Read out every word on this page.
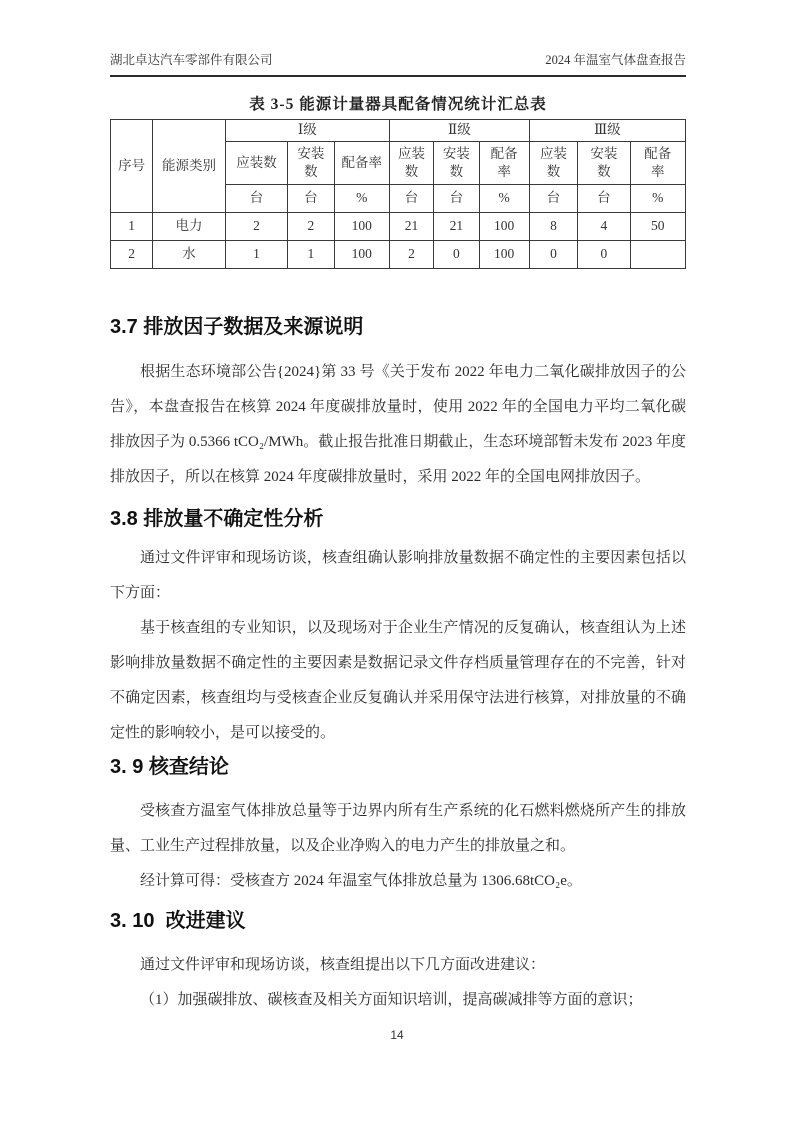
湖北卓达汽车零部件有限公司	2024 年温室气体盘查报告
表 3-5 能源计量器具配备情况统计汇总表
序号	能源类别	Ⅰ级			Ⅱ级			Ⅲ级		
		应装数	安装数	配备率	应装数	安装数	配备率	应装数	安装数	配备率
		台	台	%	台	台	%	台	台	%
1	电力	2	2	100	21	21	100	8	4	50
2	水	1	1	100	2	0	100	0	0	
3.7 排放因子数据及来源说明

根据生态环境部公告{2024}第 33 号《关于发布 2022 年电力二氧化碳排放因子的公告》，本盘查报告在核算 2024 年度碳排放量时，使用 2022 年的全国电力平均二氧化碳排放因子为 0.5366 tCO₂/MWh。截止报告批准日期截止，生态环境部暂未发布 2023 年度排放因子，所以在核算 2024 年度碳排放量时，采用 2022 年的全国电网排放因子。

3.8 排放量不确定性分析

通过文件评审和现场访谈，核查组确认影响排放量数据不确定性的主要因素包括以下方面：

基于核查组的专业知识，以及现场对于企业生产情况的反复确认，核查组认为上述影响排放量数据不确定性的主要因素是数据记录文件存档质量管理存在的不完善，针对不确定因素，核查组均与受核查企业反复确认并采用保守法进行核算，对排放量的不确定性的影响较小，是可以接受的。

3. 9 核查结论

受核查方温室气体排放总量等于边界内所有生产系统的化石燃料燃烧所产生的排放量、工业生产过程排放量，以及企业净购入的电力产生的排放量之和。

经计算可得：受核查方 2024 年温室气体排放总量为 1306.68tCO₂e。

3. 10 改进建议

通过文件评审和现场访谈，核查组提出以下几方面改进建议：

（1）加强碳排放、碳核查及相关方面知识培训，提高碳减排等方面的意识；

14
